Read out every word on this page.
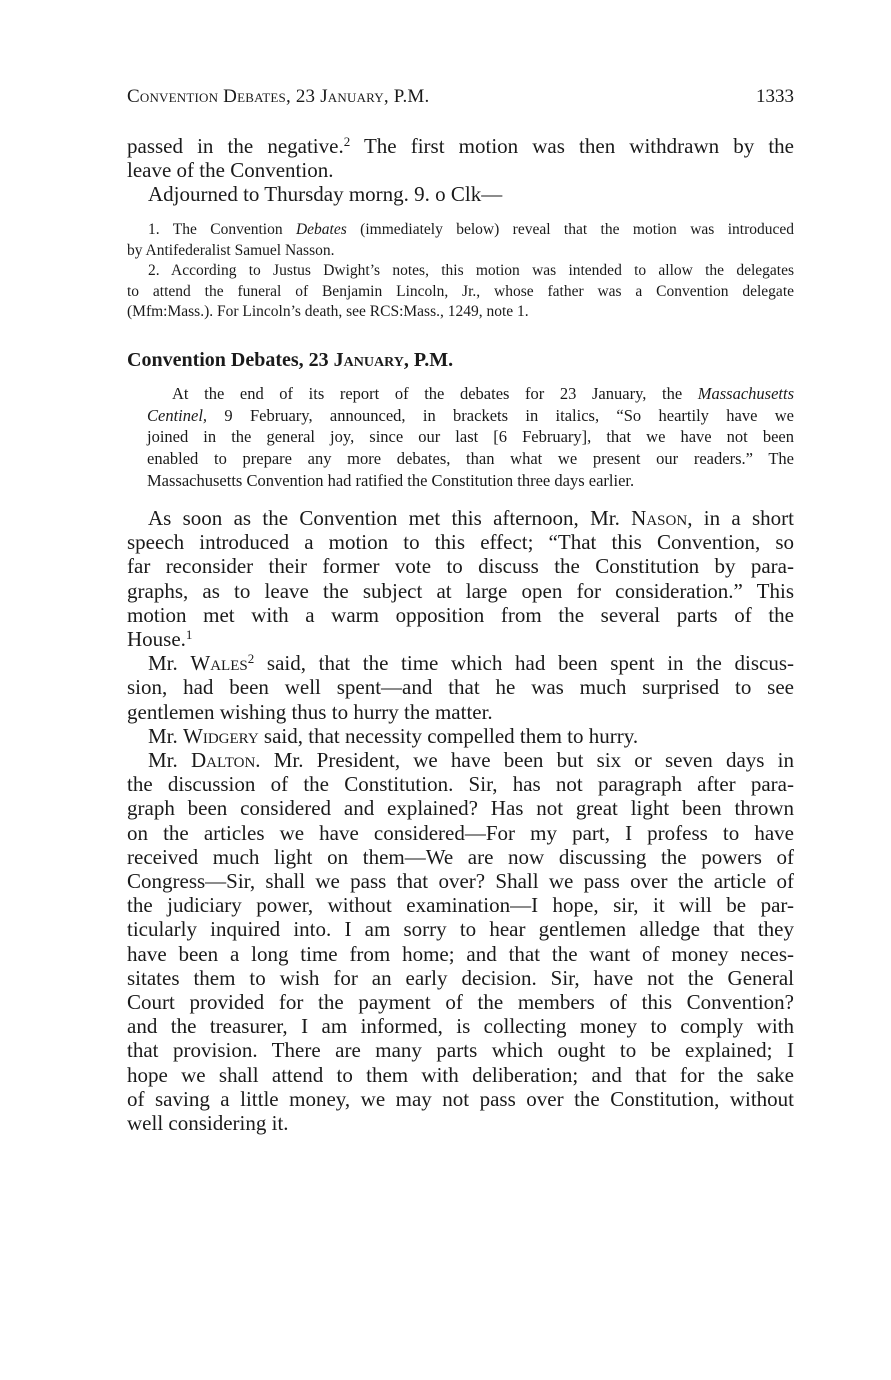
Convention Debates, 23 January, P.M.	1333
passed in the negative.$^2$ The first motion was then withdrawn by the
leave of the Convention.
Adjourned to Thursday morng. 9. o Clk—
1. The Convention Debates (immediately below) reveal that the motion was introduced
by Antifederalist Samuel Nasson.
2. According to Justus Dwight’s notes, this motion was intended to allow the delegates
to attend the funeral of Benjamin Lincoln, Jr., whose father was a Convention delegate
(Mfm:Mass.). For Lincoln’s death, see RCS:Mass., 1249, note 1.
Convention Debates, 23 January, P.M.
At the end of its report of the debates for 23 January, the Massachusetts
Centinel, 9 February, announced, in brackets in italics, “So heartily have we
joined in the general joy, since our last [6 February], that we have not been
enabled to prepare any more debates, than what we present our readers.” The
Massachusetts Convention had ratified the Constitution three days earlier.
As soon as the Convention met this afternoon, Mr. Nason, in a short
speech introduced a motion to this effect; “That this Convention, so
far reconsider their former vote to discuss the Constitution by para-
graphs, as to leave the subject at large open for consideration.” This
motion met with a warm opposition from the several parts of the
House.$^1$
Mr. Wales$^2$ said, that the time which had been spent in the discus-
sion, had been well spent—and that he was much surprised to see
gentlemen wishing thus to hurry the matter.
Mr. Widgery said, that necessity compelled them to hurry.
Mr. Dalton. Mr. President, we have been but six or seven days in
the discussion of the Constitution. Sir, has not paragraph after para-
graph been considered and explained? Has not great light been thrown
on the articles we have considered—For my part, I profess to have
received much light on them—We are now discussing the powers of
Congress—Sir, shall we pass that over? Shall we pass over the article of
the judiciary power, without examination—I hope, sir, it will be par-
ticularly inquired into. I am sorry to hear gentlemen alledge that they
have been a long time from home; and that the want of money neces-
sitates them to wish for an early decision. Sir, have not the General
Court provided for the payment of the members of this Convention?
and the treasurer, I am informed, is collecting money to comply with
that provision. There are many parts which ought to be explained; I
hope we shall attend to them with deliberation; and that for the sake
of saving a little money, we may not pass over the Constitution, without
well considering it.
